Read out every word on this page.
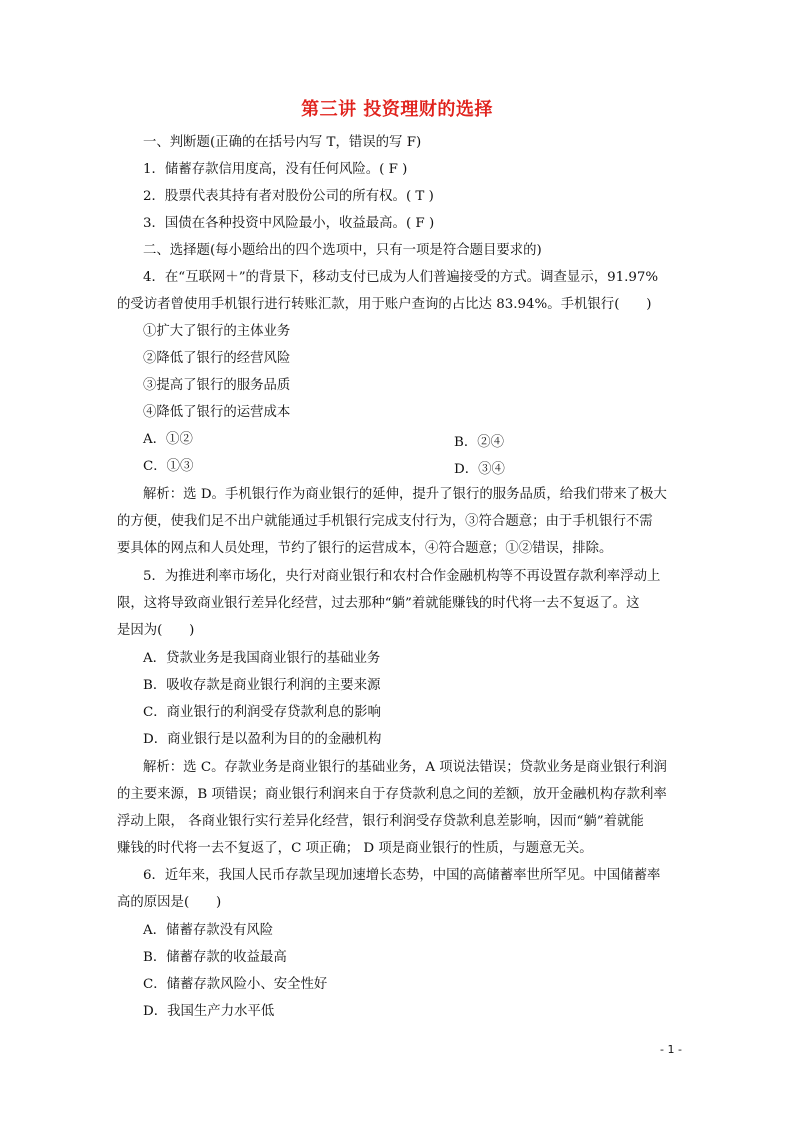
第三讲 投资理财的选择
一、判断题(正确的在括号内写 T，错误的写 F)
1．储蓄存款信用度高，没有任何风险。( F )
2．股票代表其持有者对股份公司的所有权。( T )
3．国债在各种投资中风险最小，收益最高。( F )
二、选择题(每小题给出的四个选项中，只有一项是符合题目要求的)
4．在“互联网＋”的背景下，移动支付已成为人们普遍接受的方式。调查显示，91.97%
的受访者曾使用手机银行进行转账汇款，用于账户查询的占比达 83.94%。手机银行(　　)
①扩大了银行的主体业务
②降低了银行的经营风险
③提高了银行的服务品质
④降低了银行的运营成本
A．①②	B．②④
C．①③	D．③④
解析：选 D。手机银行作为商业银行的延伸，提升了银行的服务品质，给我们带来了极大
的方便，使我们足不出户就能通过手机银行完成支付行为，③符合题意；由于手机银行不需
要具体的网点和人员处理，节约了银行的运营成本，④符合题意；①②错误，排除。
5．为推进利率市场化，央行对商业银行和农村合作金融机构等不再设置存款利率浮动上
限，这将导致商业银行差异化经营，过去那种“躺”着就能赚钱的时代将一去不复返了。这
是因为(　　)
A．贷款业务是我国商业银行的基础业务
B．吸收存款是商业银行利润的主要来源
C．商业银行的利润受存贷款利息的影响
D．商业银行是以盈利为目的的金融机构
解析：选 C。存款业务是商业银行的基础业务，A 项说法错误；贷款业务是商业银行利润
的主要来源，B 项错误；商业银行利润来自于存贷款利息之间的差额，放开金融机构存款利率
浮动上限， 各商业银行实行差异化经营，银行利润受存贷款利息差影响，因而“躺”着就能
赚钱的时代将一去不复返了，C 项正确； D 项是商业银行的性质，与题意无关。
6．近年来，我国人民币存款呈现加速增长态势，中国的高储蓄率世所罕见。中国储蓄率
高的原因是(　　)
A．储蓄存款没有风险
B．储蓄存款的收益最高
C．储蓄存款风险小、安全性好
D．我国生产力水平低
- 1 -
